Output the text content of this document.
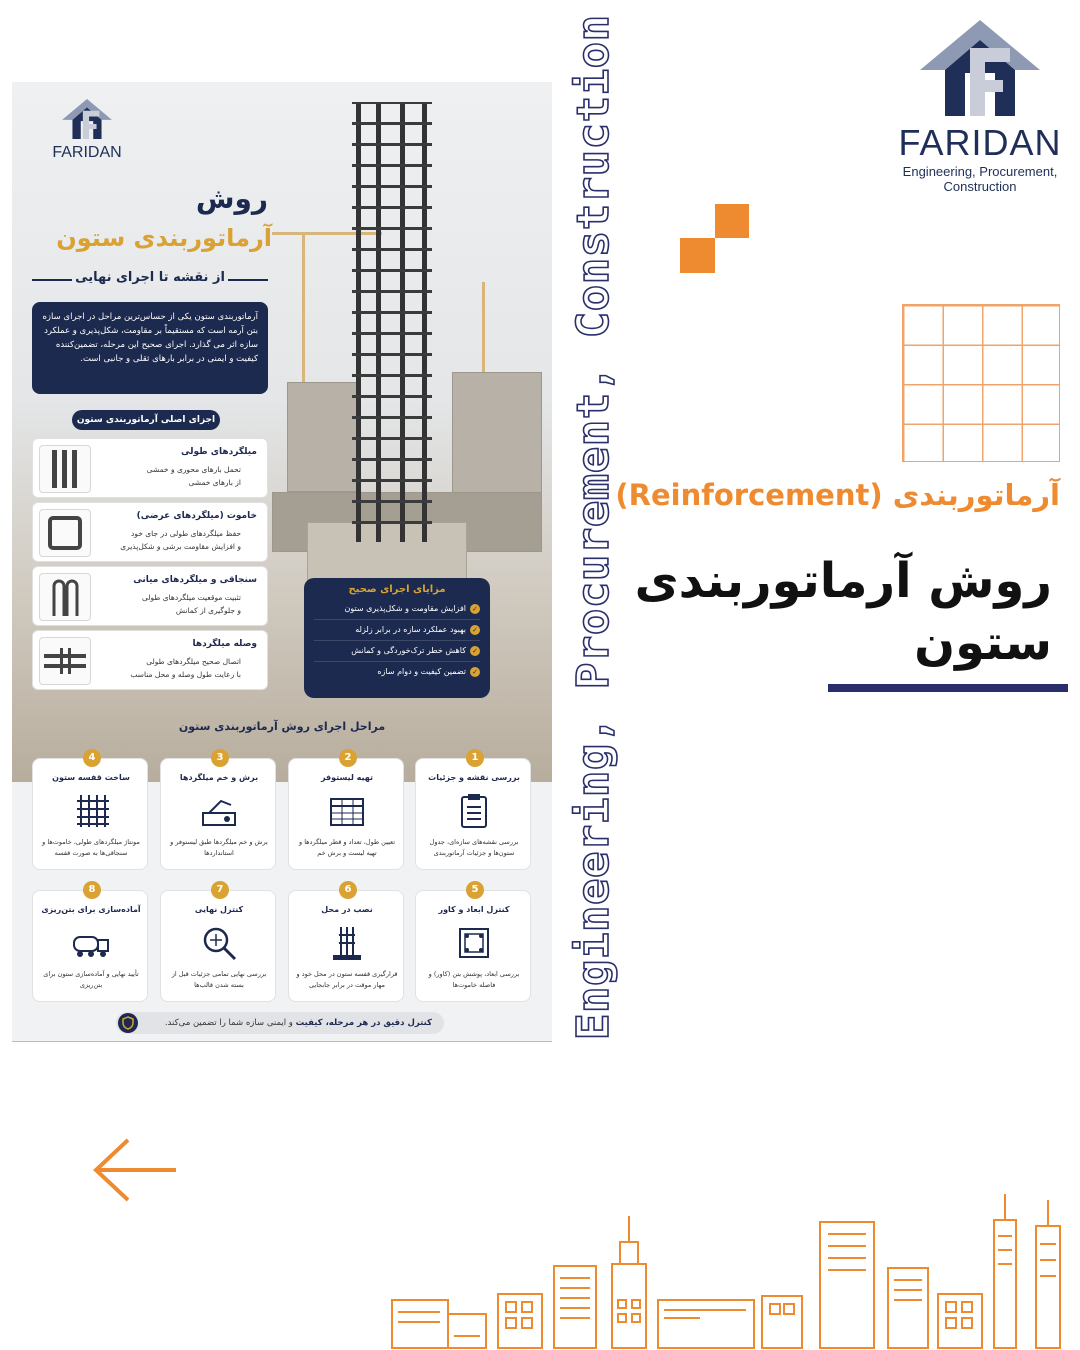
FARIDAN
Engineering, Procurement,
Construction
آرماتوربندی (Reinforcement)
روش آرماتوربندی
ستون
Engineering, Procurement, Construction
FARIDAN
روش
آرماتوربندی ستون
از نقشه تا اجرای نهایی
آرماتوربندی ستون یکی از حساس‌ترین مراحل در اجرای سازه بتن آرمه است که مستقیماً بر مقاومت، شکل‌پذیری و عملکرد سازه اثر می گذارد. اجرای صحیح این مرحله، تضمین‌کننده کیفیت و ایمنی در برابر بارهای ثقلی و جانبی است.
اجزای اصلی آرماتوربندی ستون
میلگردهای طولی
تحمل بارهای محوری و خمشی
از بارهای خمشی
خاموت (میلگردهای عرضی)
حفظ میلگردهای طولی در جای خود
و افزایش مقاومت برشی و شکل‌پذیری
سنجاقی و میلگردهای میانی
تثبیت موقعیت میلگردهای طولی
و جلوگیری از کمانش
وصله میلگردها
اتصال صحیح میلگردهای طولی
با رعایت طول وصله و محل مناسب
مزایای اجرای صحیح
✓افزایش مقاومت و شکل‌پذیری ستون
✓بهبود عملکرد سازه در برابر زلزله
✓کاهش خطر ترک‌خوردگی و کمانش
✓تضمین کیفیت و دوام سازه
مراحل اجرای روش آرماتوربندی ستون
1
بررسی نقشه و جزئیات
بررسی نقشه‌های سازه‌ای، جدول ستون‌ها و جزئیات آرماتوربندی
2
تهیه لیستوفر
تعیین طول، تعداد و قطر میلگردها و تهیه لیست و برش خم
3
برش و خم میلگردها
برش و خم میلگردها طبق لیستوفر و استانداردها
4
ساخت قفسه ستون
مونتاژ میلگردهای طولی، خاموت‌ها و سنجاقی‌ها به صورت قفسه
5
کنترل ابعاد و کاور
بررسی ابعاد، پوشش بتن (کاور) و فاصله خاموت‌ها
6
نصب در محل
قرارگیری قفسه ستون در محل خود و مهار موقت در برابر جابجایی
7
کنترل نهایی
بررسی نهایی تمامی جزئیات قبل از بسته شدن قالب‌ها
8
آماده‌سازی برای بتن‌ریزی
تأیید نهایی و آماده‌سازی ستون برای بتن‌ریزی
کنترل دقیق در هر مرحله، کیفیت و ایمنی سازه شما را تضمین می‌کند.
